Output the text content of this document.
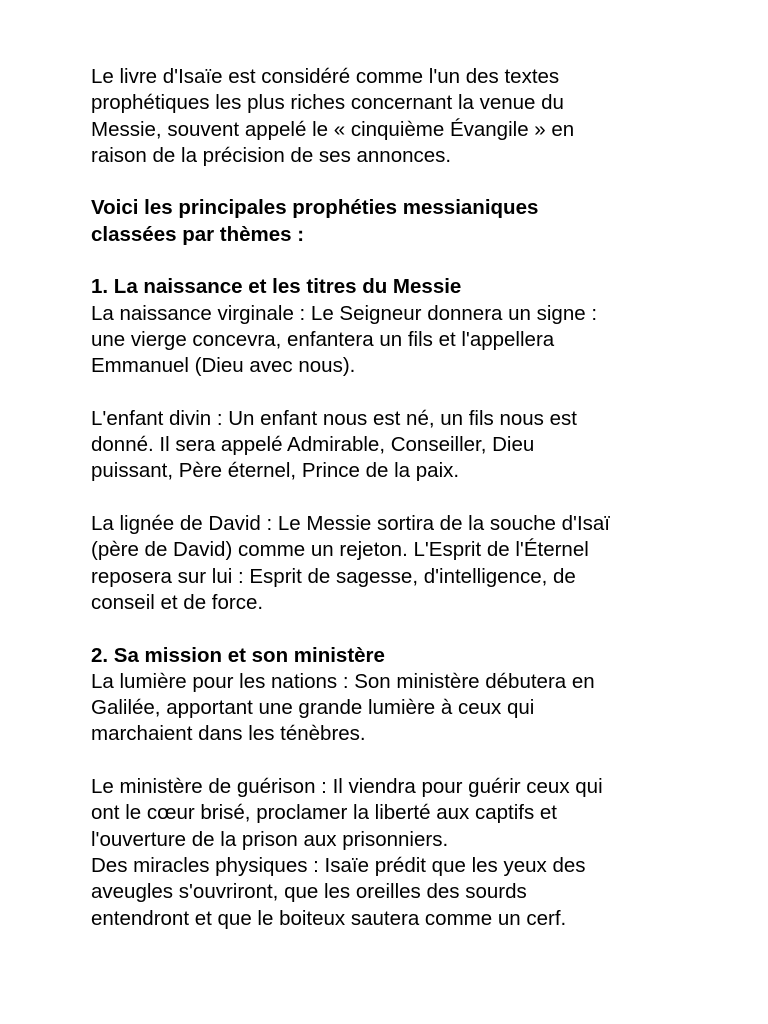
Le livre d'Isaïe est considéré comme l'un des textes
prophétiques les plus riches concernant la venue du
Messie, souvent appelé le « cinquième Évangile » en
raison de la précision de ses annonces.

Voici les principales prophéties messianiques
classées par thèmes :

1. La naissance et les titres du Messie
La naissance virginale : Le Seigneur donnera un signe :
une vierge concevra, enfantera un fils et l'appellera
Emmanuel (Dieu avec nous).

L'enfant divin : Un enfant nous est né, un fils nous est
donné. Il sera appelé Admirable, Conseiller, Dieu
puissant, Père éternel, Prince de la paix.

La lignée de David : Le Messie sortira de la souche d'Isaï
(père de David) comme un rejeton. L'Esprit de l'Éternel
reposera sur lui : Esprit de sagesse, d'intelligence, de
conseil et de force.

2. Sa mission et son ministère
La lumière pour les nations : Son ministère débutera en
Galilée, apportant une grande lumière à ceux qui
marchaient dans les ténèbres.

Le ministère de guérison : Il viendra pour guérir ceux qui
ont le cœur brisé, proclamer la liberté aux captifs et
l'ouverture de la prison aux prisonniers.

Des miracles physiques : Isaïe prédit que les yeux des
aveugles s'ouvriront, que les oreilles des sourds
entendront et que le boiteux sautera comme un cerf.
